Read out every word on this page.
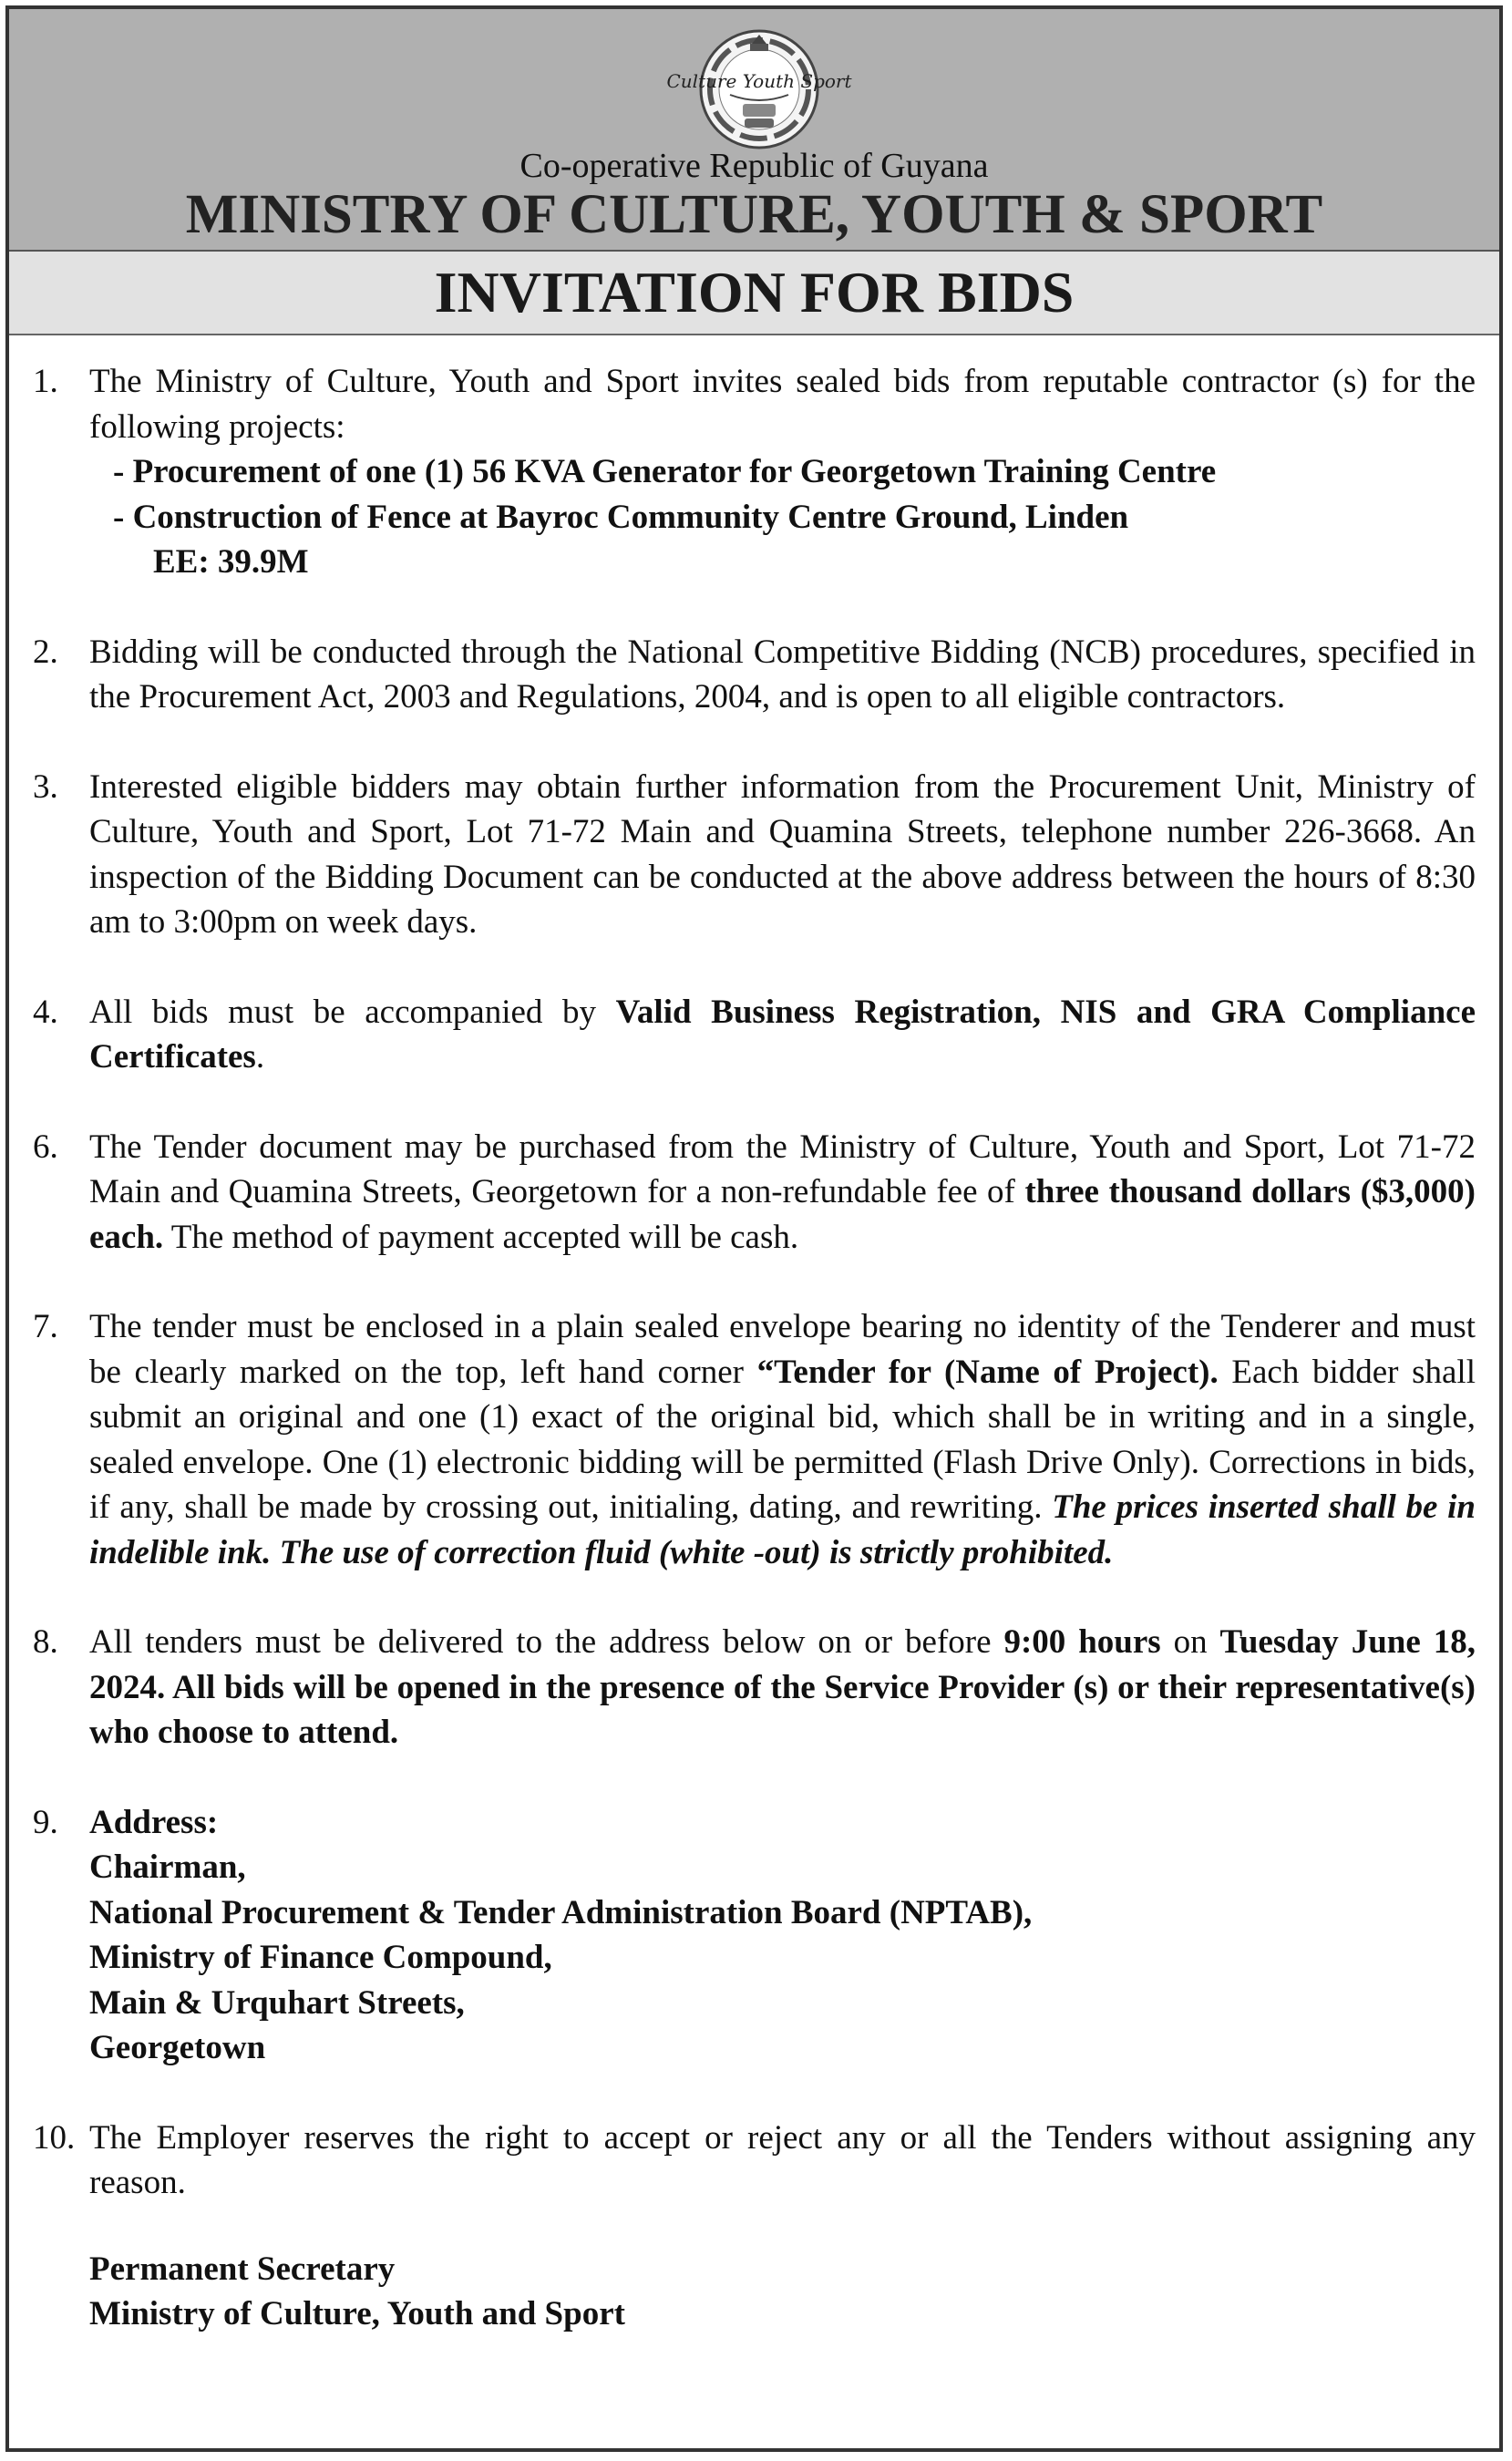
Culture Youth Sport
Co-operative Republic of Guyana
MINISTRY OF CULTURE, YOUTH & SPORT
INVITATION FOR BIDS
1. The Ministry of Culture, Youth and Sport invites sealed bids from reputable contractor (s) for the following projects:
- Procurement of one (1) 56 KVA Generator for Georgetown Training Centre
- Construction of Fence at Bayroc Community Centre Ground, Linden
EE: 39.9M
2. Bidding will be conducted through the National Competitive Bidding (NCB) procedures, specified in the Procurement Act, 2003 and Regulations, 2004, and is open to all eligible contractors.
3. Interested eligible bidders may obtain further information from the Procurement Unit, Ministry of Culture, Youth and Sport, Lot 71-72 Main and Quamina Streets, telephone number 226-3668. An inspection of the Bidding Document can be conducted at the above address between the hours of 8:30 am to 3:00pm on week days.
4. All bids must be accompanied by Valid Business Registration, NIS and GRA Compliance Certificates.
6. The Tender document may be purchased from the Ministry of Culture, Youth and Sport, Lot 71-72 Main and Quamina Streets, Georgetown for a non-refundable fee of three thousand dollars ($3,000) each. The method of payment accepted will be cash.
7. The tender must be enclosed in a plain sealed envelope bearing no identity of the Tenderer and must be clearly marked on the top, left hand corner “Tender for (Name of Project). Each bidder shall submit an original and one (1) exact of the original bid, which shall be in writing and in a single, sealed envelope. One (1) electronic bidding will be permitted (Flash Drive Only). Corrections in bids, if any, shall be made by crossing out, initialing, dating, and rewriting. The prices inserted shall be in indelible ink. The use of correction fluid (white -out) is strictly prohibited.
8. All tenders must be delivered to the address below on or before 9:00 hours on Tuesday June 18, 2024. All bids will be opened in the presence of the Service Provider (s) or their representative(s) who choose to attend.
9. Address:
Chairman,
National Procurement & Tender Administration Board (NPTAB),
Ministry of Finance Compound,
Main & Urquhart Streets,
Georgetown
10. The Employer reserves the right to accept or reject any or all the Tenders without assigning any reason.
Permanent Secretary
Ministry of Culture, Youth and Sport
